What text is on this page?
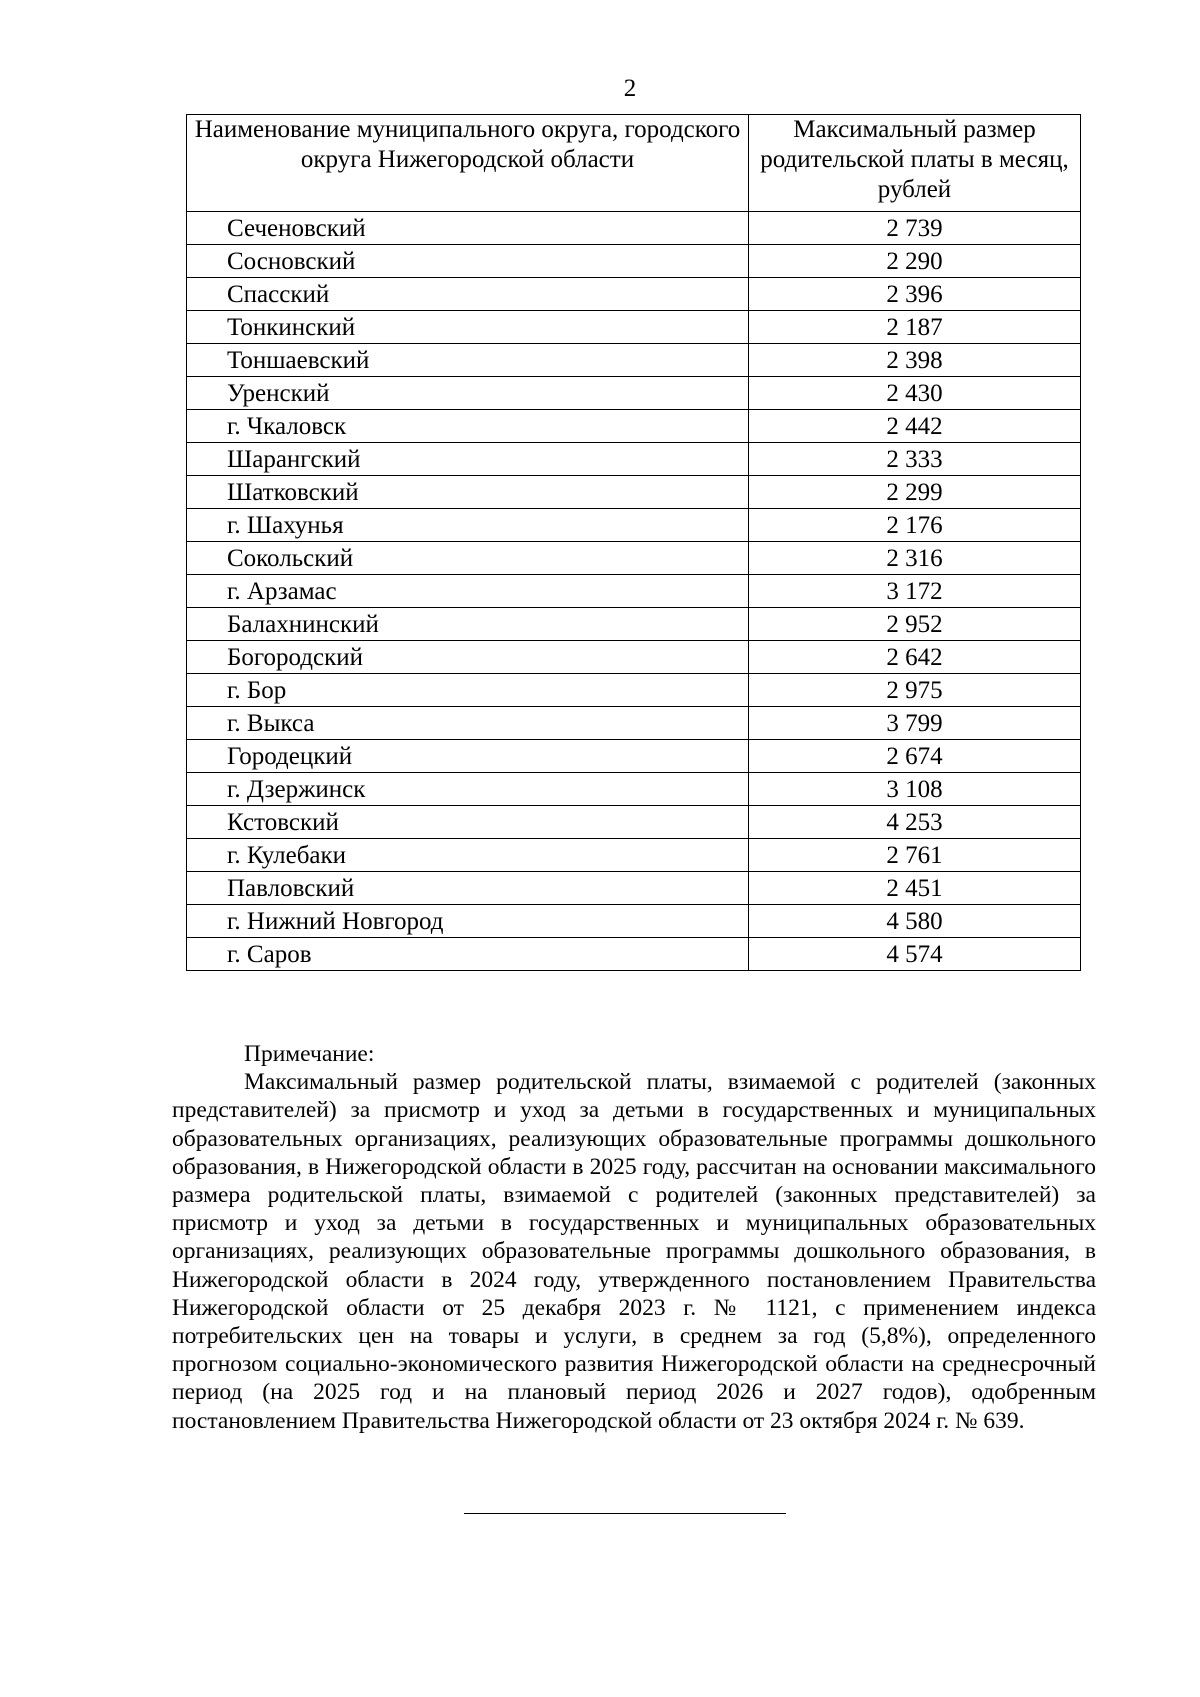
2
Наименование муниципального округа, городского округа Нижегородской области	Максимальный размер родительской платы в месяц, рублей
Сеченовский	2 739
Сосновский	2 290
Спасский	2 396
Тонкинский	2 187
Тоншаевский	2 398
Уренский	2 430
г. Чкаловск	2 442
Шарангский	2 333
Шатковский	2 299
г. Шахунья	2 176
Сокольский	2 316
г. Арзамас	3 172
Балахнинский	2 952
Богородский	2 642
г. Бор	2 975
г. Выкса	3 799
Городецкий	2 674
г. Дзержинск	3 108
Кстовский	4 253
г. Кулебаки	2 761
Павловский	2 451
г. Нижний Новгород	4 580
г. Саров	4 574
Примечание:

Максимальный размер родительской платы, взимаемой с родителей (законных представителей) за присмотр и уход за детьми в государственных и муниципальных образовательных организациях, реализующих образовательные программы дошкольного образования, в Нижегородской области в 2025 году, рассчитан на основании максимального размера родительской платы, взимаемой с родителей (законных представителей) за присмотр и уход за детьми в государственных и муниципальных образовательных организациях, реализующих образовательные программы дошкольного образования, в Нижегородской области в 2024 году, утвержденного постановлением Правительства Нижегородской области от 25 декабря 2023 г. № 1121, с применением индекса потребительских цен на товары и услуги, в среднем за год (5,8%), определенного прогнозом социально-экономического развития Нижегородской области на среднесрочный период (на 2025 год и на плановый период 2026 и 2027 годов), одобренным постановлением Правительства Нижегородской области от 23 октября 2024 г. № 639.
